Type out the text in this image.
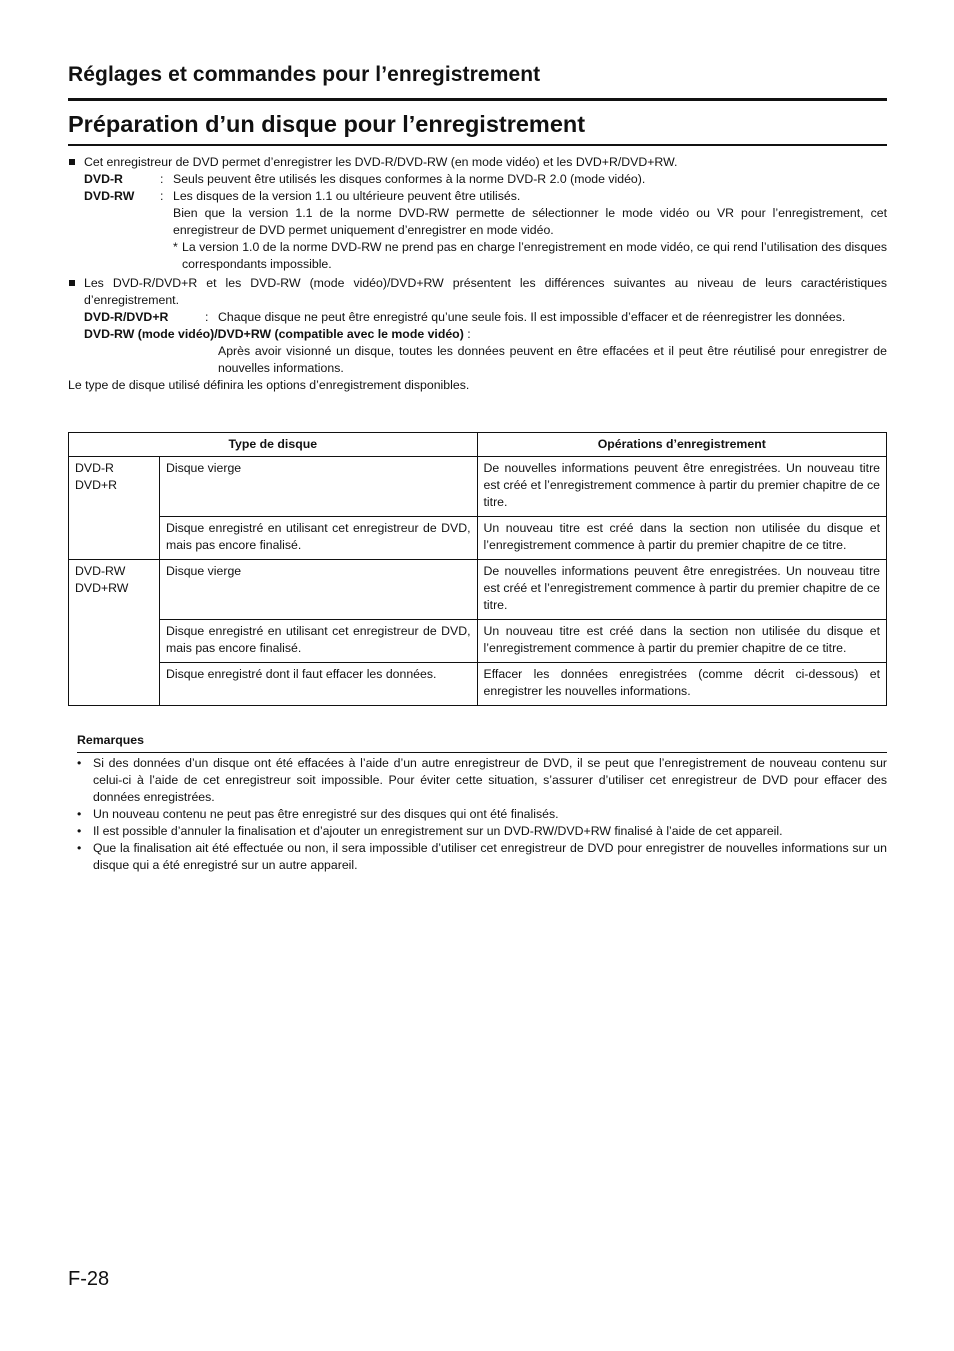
Réglages et commandes pour l’enregistrement
Préparation d’un disque pour l’enregistrement
Cet enregistreur de DVD permet d’enregistrer les DVD-R/DVD-RW (en mode vidéo) et les DVD+R/DVD+RW.
DVD-R	: Seuls peuvent être utilisés les disques conformes à la norme DVD-R 2.0 (mode vidéo).
DVD-RW	: Les disques de la version 1.1 ou ultérieure peuvent être utilisés.
Bien que la version 1.1 de la norme DVD-RW permette de sélectionner le mode vidéo ou VR pour l’enregistrement, cet enregistreur de DVD permet uniquement d’enregistrer en mode vidéo.
* La version 1.0 de la norme DVD-RW ne prend pas en charge l’enregistrement en mode vidéo, ce qui rend l’utilisation des disques correspondants impossible.
Les DVD-R/DVD+R et les DVD-RW (mode vidéo)/DVD+RW présentent les différences suivantes au niveau de leurs caractéristiques d’enregistrement.
DVD-R/DVD+R	: Chaque disque ne peut être enregistré qu’une seule fois. Il est impossible d’effacer et de réenregistrer les données.
DVD-RW (mode vidéo)/DVD+RW (compatible avec le mode vidéo) :
Après avoir visionné un disque, toutes les données peuvent en être effacées et il peut être réutilisé pour enregistrer de nouvelles informations.
Le type de disque utilisé définira les options d’enregistrement disponibles.
Type de disque		Opérations d’enregistrement

DVD-R
DVD+R	Disque vierge	De nouvelles informations peuvent être enregistrées. Un nouveau titre est créé et l’enregistrement commence à partir du premier chapitre de ce titre.
	Disque enregistré en utilisant cet enregistreur de DVD, mais pas encore finalisé.	Un nouveau titre est créé dans la section non utilisée du disque et l’enregistrement commence à partir du premier chapitre de ce titre.

DVD-RW
DVD+RW	Disque vierge	De nouvelles informations peuvent être enregistrées. Un nouveau titre est créé et l’enregistrement commence à partir du premier chapitre de ce titre.
	Disque enregistré en utilisant cet enregistreur de DVD, mais pas encore finalisé.	Un nouveau titre est créé dans la section non utilisée du disque et l’enregistrement commence à partir du premier chapitre de ce titre.
	Disque enregistré dont il faut effacer les données.	Effacer les données enregistrées (comme décrit ci-dessous) et enregistrer les nouvelles informations.
Remarques
• Si des données d’un disque ont été effacées à l’aide d’un autre enregistreur de DVD, il se peut que l’enregistrement de nouveau contenu sur celui-ci à l’aide de cet enregistreur soit impossible. Pour éviter cette situation, s’assurer d’utiliser cet enregistreur de DVD pour effacer des données enregistrées.
• Un nouveau contenu ne peut pas être enregistré sur des disques qui ont été finalisés.
• Il est possible d’annuler la finalisation et d’ajouter un enregistrement sur un DVD-RW/DVD+RW finalisé à l’aide de cet appareil.
• Que la finalisation ait été effectuée ou non, il sera impossible d’utiliser cet enregistreur de DVD pour enregistrer de nouvelles informations sur un disque qui a été enregistré sur un autre appareil.
F-28
